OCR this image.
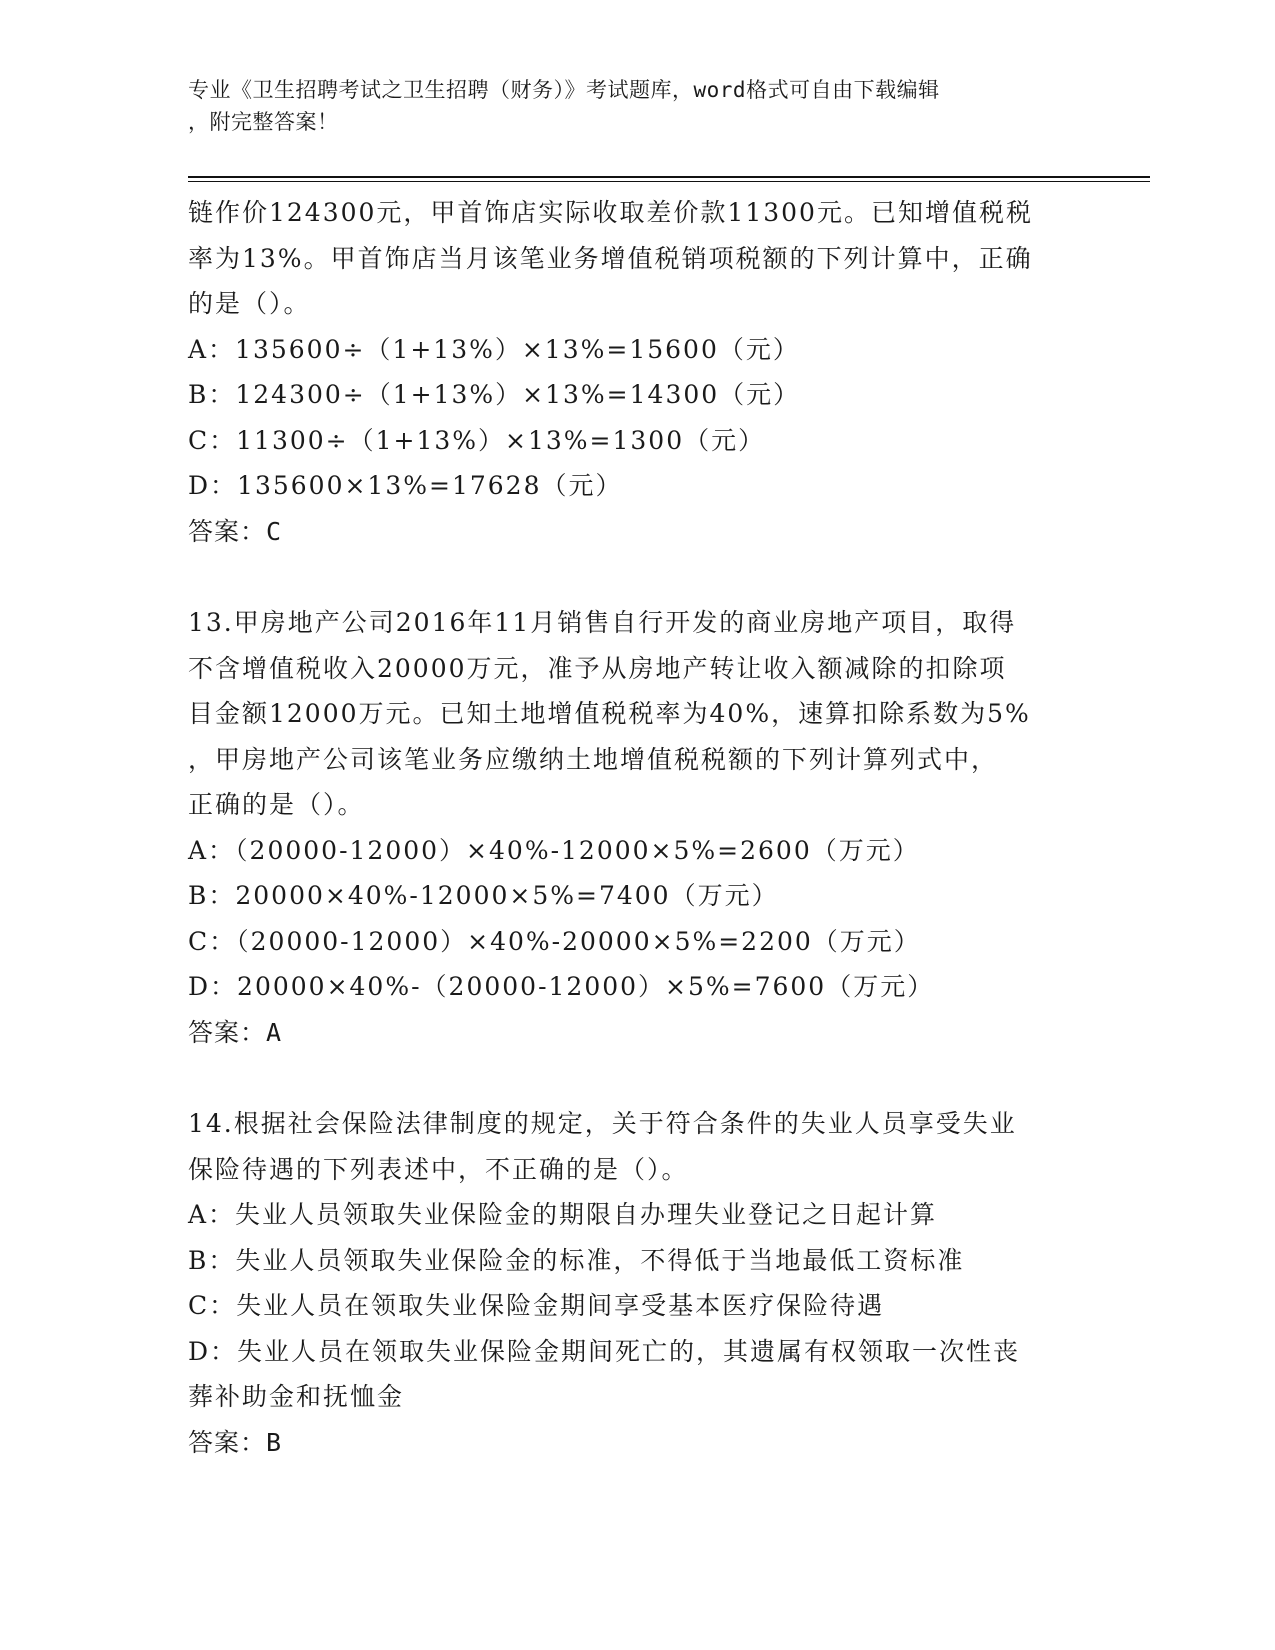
专业《卫生招聘考试之卫生招聘（财务）》考试题库，word格式可自由下载编辑
，附完整答案！
链作价124300元，甲首饰店实际收取差价款11300元。已知增值税税
率为13%。甲首饰店当月该笔业务增值税销项税额的下列计算中，正确
的是（）。
A：135600÷（1+13%）×13%=15600（元）
B：124300÷（1+13%）×13%=14300（元）
C：11300÷（1+13%）×13%=1300（元）
D：135600×13%=17628（元）
答案：C
13.甲房地产公司2016年11月销售自行开发的商业房地产项目，取得
不含增值税收入20000万元，准予从房地产转让收入额减除的扣除项
目金额12000万元。已知土地增值税税率为40%，速算扣除系数为5%
，甲房地产公司该笔业务应缴纳土地增值税税额的下列计算列式中，
正确的是（）。
A：（20000-12000）×40%-12000×5%=2600（万元）
B：20000×40%-12000×5%=7400（万元）
C：（20000-12000）×40%-20000×5%=2200（万元）
D：20000×40%-（20000-12000）×5%=7600（万元）
答案：A
14.根据社会保险法律制度的规定，关于符合条件的失业人员享受失业
保险待遇的下列表述中，不正确的是（）。
A：失业人员领取失业保险金的期限自办理失业登记之日起计算
B：失业人员领取失业保险金的标准，不得低于当地最低工资标准
C：失业人员在领取失业保险金期间享受基本医疗保险待遇
D：失业人员在领取失业保险金期间死亡的，其遗属有权领取一次性丧
葬补助金和抚恤金
答案：B
